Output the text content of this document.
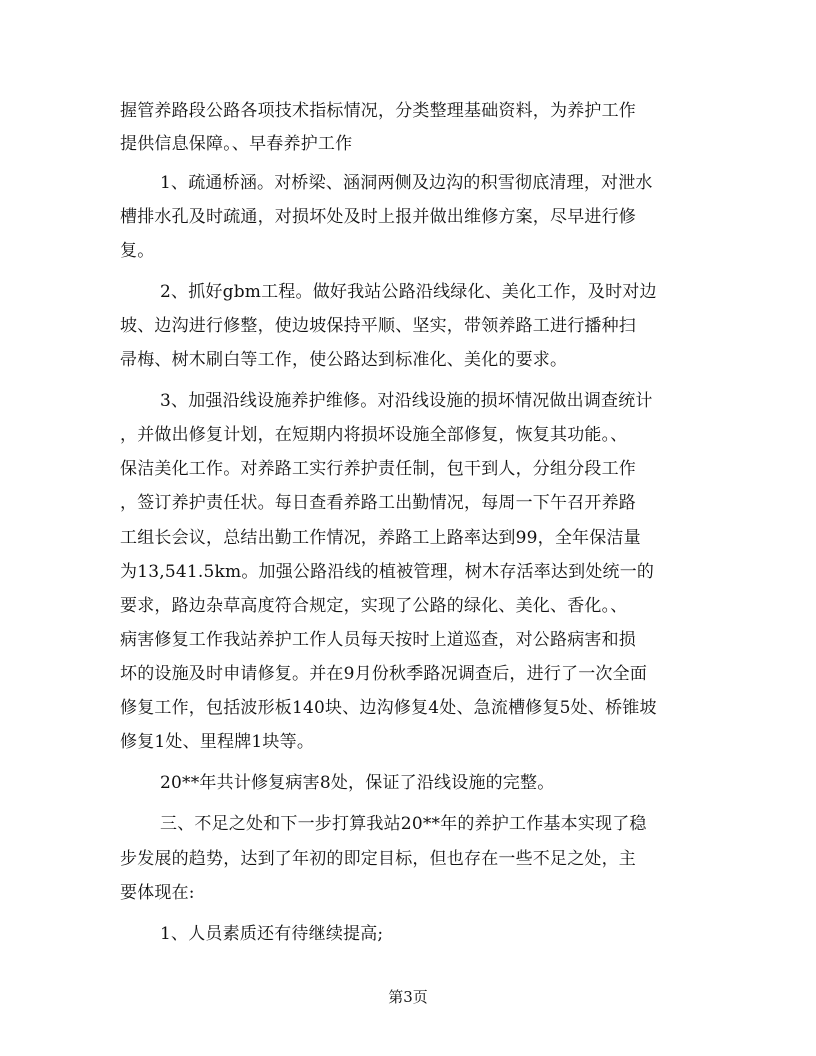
握管养路段公路各项技术指标情况，分类整理基础资料，为养护工作
提供信息保障。、早春养护工作
1、疏通桥涵。对桥梁、涵洞两侧及边沟的积雪彻底清理，对泄水
槽排水孔及时疏通，对损坏处及时上报并做出维修方案，尽早进行修
复。
2、抓好gbm工程。做好我站公路沿线绿化、美化工作，及时对边
坡、边沟进行修整，使边坡保持平顺、坚实，带领养路工进行播种扫
帚梅、树木刷白等工作，使公路达到标准化、美化的要求。
3、加强沿线设施养护维修。对沿线设施的损坏情况做出调查统计
，并做出修复计划，在短期内将损坏设施全部修复，恢复其功能。、
保洁美化工作。对养路工实行养护责任制，包干到人，分组分段工作
，签订养护责任状。每日查看养路工出勤情况，每周一下午召开养路
工组长会议，总结出勤工作情况，养路工上路率达到99，全年保洁量
为13,541.5km。加强公路沿线的植被管理，树木存活率达到处统一的
要求，路边杂草高度符合规定，实现了公路的绿化、美化、香化。、
病害修复工作我站养护工作人员每天按时上道巡查，对公路病害和损
坏的设施及时申请修复。并在9月份秋季路况调查后，进行了一次全面
修复工作，包括波形板140块、边沟修复4处、急流槽修复5处、桥锥坡
修复1处、里程牌1块等。
20**年共计修复病害8处，保证了沿线设施的完整。
三、不足之处和下一步打算我站20**年的养护工作基本实现了稳
步发展的趋势，达到了年初的即定目标，但也存在一些不足之处，主
要体现在:
1、人员素质还有待继续提高;
第3页
